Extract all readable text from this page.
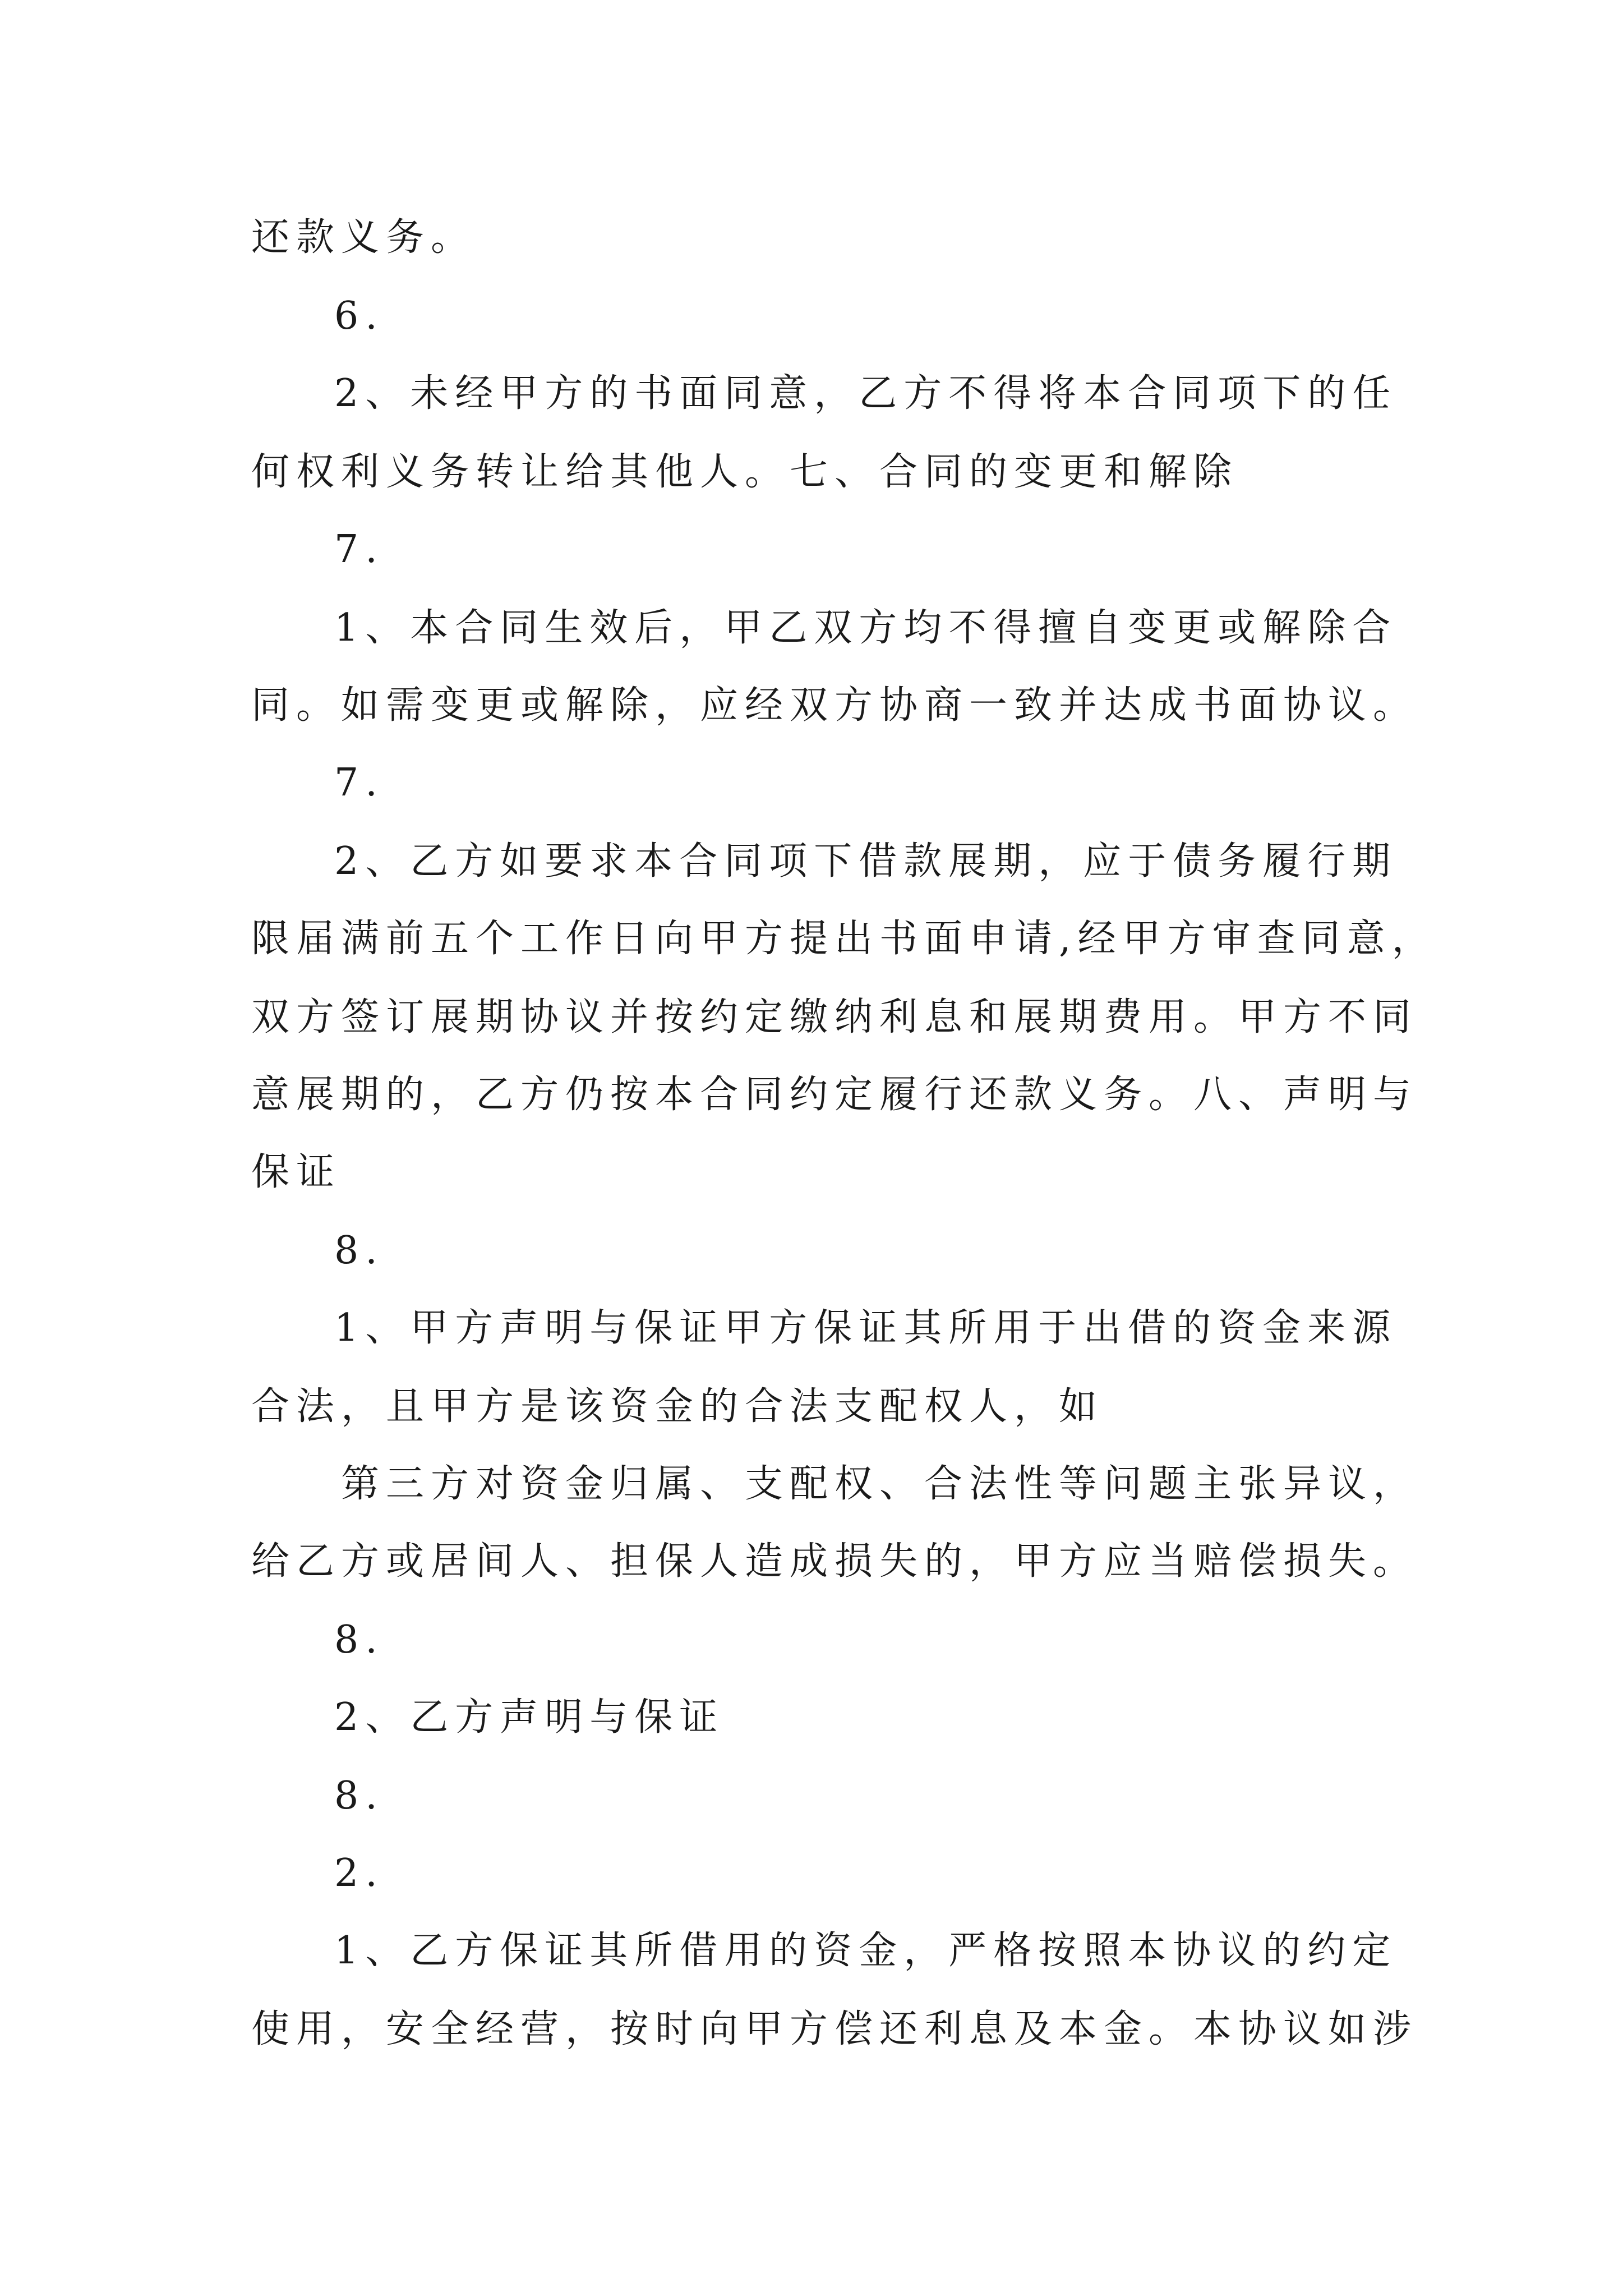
还款义务。
6.
2、未经甲方的书面同意，乙方不得将本合同项下的任
何权利义务转让给其他人。七、合同的变更和解除
7.
1、本合同生效后，甲乙双方均不得擅自变更或解除合
同。如需变更或解除，应经双方协商一致并达成书面协议。
7.
2、乙方如要求本合同项下借款展期，应于债务履行期
限届满前五个工作日向甲方提出书面申请,经甲方审查同意，
双方签订展期协议并按约定缴纳利息和展期费用。甲方不同
意展期的，乙方仍按本合同约定履行还款义务。八、声明与
保证
8.
1、甲方声明与保证甲方保证其所用于出借的资金来源
合法，且甲方是该资金的合法支配权人，如
第三方对资金归属、支配权、合法性等问题主张异议，
给乙方或居间人、担保人造成损失的，甲方应当赔偿损失。
8.
2、乙方声明与保证
8.
2.
1、乙方保证其所借用的资金，严格按照本协议的约定
使用，安全经营，按时向甲方偿还利息及本金。本协议如涉
